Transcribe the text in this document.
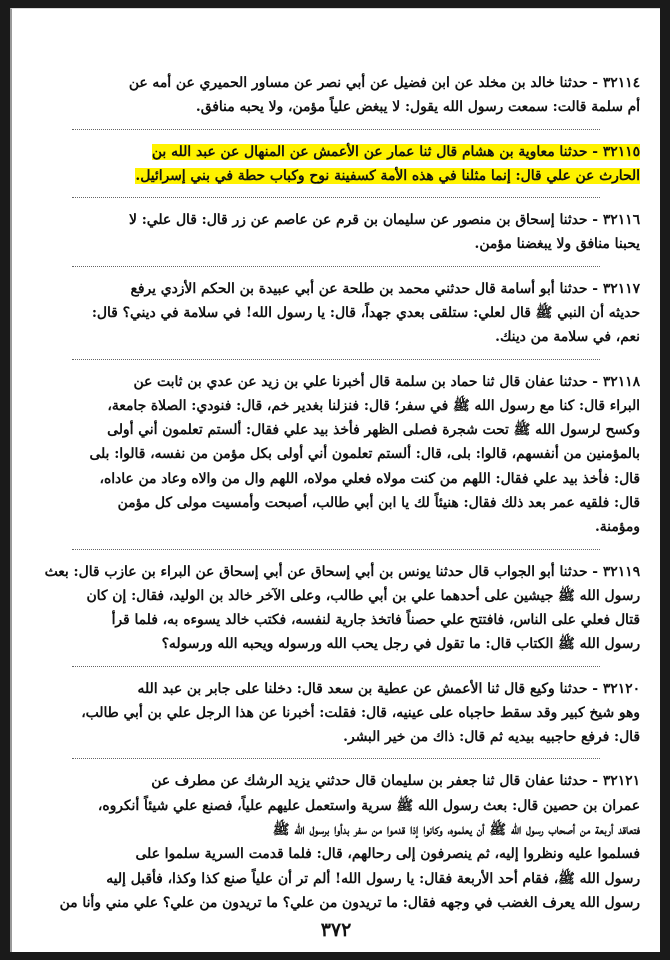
٣٢١١٤ - حدثنا خالد بن مخلد عن ابن فضيل عن أبي نصر عن مساور الحميري عن أمه عن
أم سلمة قالت: سمعت رسول الله يقول: لا يبغض علياً مؤمن، ولا يحبه منافق.
٣٢١١٥ - حدثنا معاوية بن هشام قال ثنا عمار عن الأعمش عن المنهال عن عبد الله بن
الحارث عن علي قال: إنما مثلنا في هذه الأمة كسفينة نوح وكباب حطة في بني إسرائيل.
٣٢١١٦ - حدثنا إسحاق بن منصور عن سليمان بن قرم عن عاصم عن زر قال: قال علي: لا
يحبنا منافق ولا يبغضنا مؤمن.
٣٢١١٧ - حدثنا أبو أسامة قال حدثني محمد بن طلحة عن أبي عبيدة بن الحكم الأزدي يرفع
حديثه أن النبي ﷺ قال لعلي: ستلقى بعدي جهداً، قال: يا رسول الله! في سلامة في ديني؟ قال:
نعم، في سلامة من دينك.
٣٢١١٨ - حدثنا عفان قال ثنا حماد بن سلمة قال أخبرنا علي بن زيد عن عدي بن ثابت عن
البراء قال: كنا مع رسول الله ﷺ في سفر؛ قال: فنزلنا بغدير خم، قال: فنودي: الصلاة جامعة،
وكسح لرسول الله ﷺ تحت شجرة فصلى الظهر فأخذ بيد علي فقال: ألستم تعلمون أني أولى
بالمؤمنين من أنفسهم، قالوا: بلى، قال: ألستم تعلمون أني أولى بكل مؤمن من نفسه، قالوا: بلى
قال: فأخذ بيد علي فقال: اللهم من كنت مولاه فعلي مولاه، اللهم وال من والاه وعاد من عاداه،
قال: فلقيه عمر بعد ذلك فقال: هنيئاً لك يا ابن أبي طالب، أصبحت وأمسيت مولى كل مؤمن
ومؤمنة.
٣٢١١٩ - حدثنا أبو الجواب قال حدثنا يونس بن أبي إسحاق عن أبي إسحاق عن البراء بن عازب قال: بعث
رسول الله ﷺ جيشين على أحدهما علي بن أبي طالب، وعلى الآخر خالد بن الوليد، فقال: إن كان
قتال فعلي على الناس، فافتتح علي حصناً فاتخذ جارية لنفسه، فكتب خالد يسوءه به، فلما قرأ
رسول الله ﷺ الكتاب قال: ما تقول في رجل يحب الله ورسوله ويحبه الله ورسوله؟
٣٢١٢٠ - حدثنا وكيع قال ثنا الأعمش عن عطية بن سعد قال: دخلنا على جابر بن عبد الله
وهو شيخ كبير وقد سقط حاجباه على عينيه، قال: فقلت: أخبرنا عن هذا الرجل علي بن أبي طالب،
قال: فرفع حاجبيه بيديه ثم قال: ذاك من خير البشر.
٣٢١٢١ - حدثنا عفان قال ثنا جعفر بن سليمان قال حدثني يزيد الرشك عن مطرف عن
عمران بن حصين قال: بعث رسول الله ﷺ سرية واستعمل عليهم علياً، فصنع علي شيئاً أنكروه،
فتعاقد أربعة من أصحاب رسول الله ﷺ أن يعلموه، وكانوا إذا قدموا من سفر بدأوا برسول الله ﷺ
فسلموا عليه ونظروا إليه، ثم ينصرفون إلى رحالهم، قال: فلما قدمت السرية سلموا على
رسول الله ﷺ، فقام أحد الأربعة فقال: يا رسول الله! ألم تر أن علياً صنع كذا وكذا، فأقبل إليه
رسول الله يعرف الغضب في وجهه فقال: ما تريدون من علي؟ ما تريدون من علي؟ علي مني وأنا من
٣٧٢
